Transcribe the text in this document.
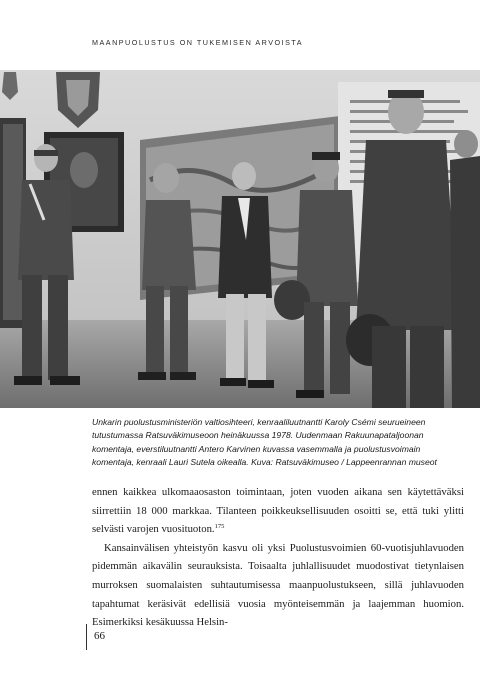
MAANPUOLUSTUS ON TUKEMISEN ARVOISTA
Unkarin puolustusministeriön valtiosihteeri, kenraaliluutnantti Karoly Csémi seurueineen tutustumassa Ratsuväkimuseoon heinäkuussa 1978. Uudenmaan Rakuunapataljoonan komentaja, everstiluutnantti Antero Karvinen kuvassa vasemmalla ja puolustusvoimain komentaja, kenraali Lauri Sutela oikealla. Kuva: Ratsuväkimuseo / Lappeenrannan museot

ennen kaikkea ulkomaaosaston toimintaan, joten vuoden aikana sen käytettäväksi siirrettiin 18 000 markkaa. Tilanteen poikkeuksellisuuden osoitti se, että tuki ylitti selvästi varojen vuosituoton.$^{175}$

Kansainvälisen yhteistyön kasvu oli yksi Puolustusvoimien 60-vuotisjuhlavuoden pidemmän aikavälin seurauksista. Toisaalta juhlallisuudet muodostivat tietynlaisen murroksen suomalaisten suhtautumisessa maanpuolustukseen, sillä juhlavuoden tapahtumat keräsivät edellisiä vuosia myönteisemmän ja laajemman huomion. Esimerkiksi kesäkuussa Helsin-

66
